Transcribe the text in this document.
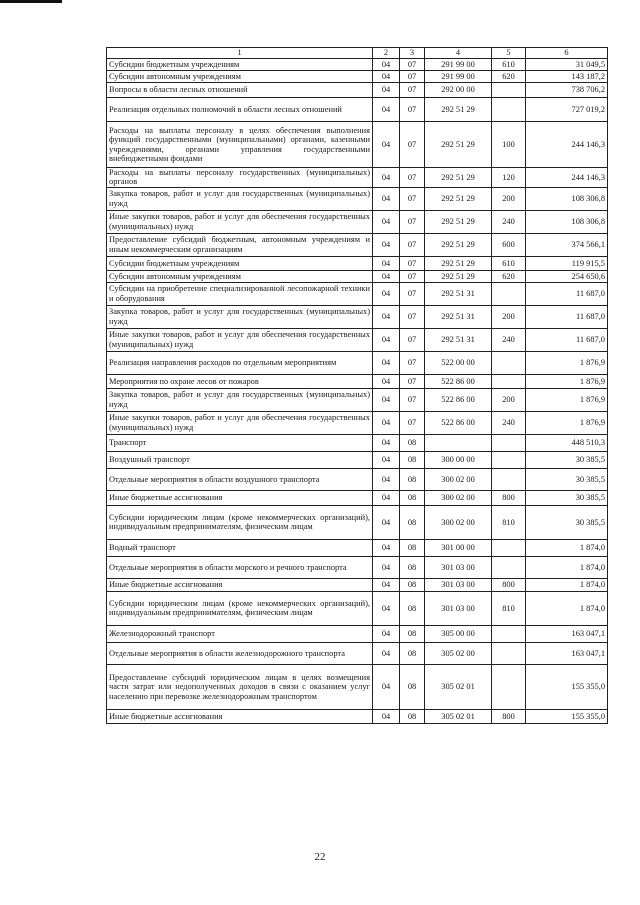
1	2	3	4	5	6
Субсидии бюджетным учреждениям	04	07	291 99 00	610	31 049,5
Субсидии автономным учреждениям	04	07	291 99 00	620	143 187,2
Вопросы в области лесных отношений	04	07	292 00 00		738 706,2
Реализация отдельных полномочий в области лесных отношений	04	07	292 51 29		727 019,2
Расходы на выплаты персоналу в целях обеспечения выполнения функций государственными (муниципальными) органами, казенными учреждениями, органами управления государственными внебюджетными фондами	04	07	292 51 29	100	244 146,3
Расходы на выплаты персоналу государственных (муниципальных) органов	04	07	292 51 29	120	244 146,3
Закупка товаров, работ и услуг для государственных (муниципальных) нужд	04	07	292 51 29	200	108 306,8
Иные закупки товаров, работ и услуг для обеспечения государственных (муниципальных) нужд	04	07	292 51 29	240	108 306,8
Предоставление субсидий бюджетным, автономным учреждениям и иным некоммерческим организациям	04	07	292 51 29	600	374 566,1
Субсидии бюджетным учреждениям	04	07	292 51 29	610	119 915,5
Субсидии автономным учреждениям	04	07	292 51 29	620	254 650,6
Субсидии на приобретение специализированной лесопожарной техники и оборудования	04	07	292 51 31		11 687,0
Закупка товаров, работ и услуг для государственных (муниципальных) нужд	04	07	292 51 31	200	11 687,0
Иные закупки товаров, работ и услуг для обеспечения государственных (муниципальных) нужд	04	07	292 51 31	240	11 687,0
Реализация направления расходов по отдельным мероприятиям	04	07	522 00 00		1 876,9
Мероприятия по охране лесов от пожаров	04	07	522 86 00		1 876,9
Закупка товаров, работ и услуг для государственных (муниципальных) нужд	04	07	522 86 00	200	1 876,9
Иные закупки товаров, работ и услуг для обеспечения государственных (муниципальных) нужд	04	07	522 86 00	240	1 876,9
Транспорт	04	08			448 510,3
Воздушный транспорт	04	08	300 00 00		30 385,5
Отдельные мероприятия в области воздушного транспорта	04	08	300 02 00		30 385,5
Иные бюджетные ассигнования	04	08	300 02 00	800	30 385,5
Субсидии юридическим лицам (кроме некоммерческих организаций), индивидуальным предпринимателям, физическим лицам	04	08	300 02 00	810	30 385,5
Водный транспорт	04	08	301 00 00		1 874,0
Отдельные мероприятия в области морского и речного транспорта	04	08	301 03 00		1 874,0
Иные бюджетные ассигнования	04	08	301 03 00	800	1 874,0
Субсидии юридическим лицам (кроме некоммерческих организаций), индивидуальным предпринимателям, физическим лицам	04	08	301 03 00	810	1 874,0
Железнодорожный транспорт	04	08	305 00 00		163 047,1
Отдельные мероприятия в области железнодорожного транспорта	04	08	305 02 00		163 047,1
Предоставление субсидий юридическим лицам в целях возмещения части затрат или недополученных доходов в связи с оказанием услуг населению при перевозке железнодорожным транспортом	04	08	305 02 01		155 355,0
Иные бюджетные ассигнования	04	08	305 02 01	800	155 355,0
22
